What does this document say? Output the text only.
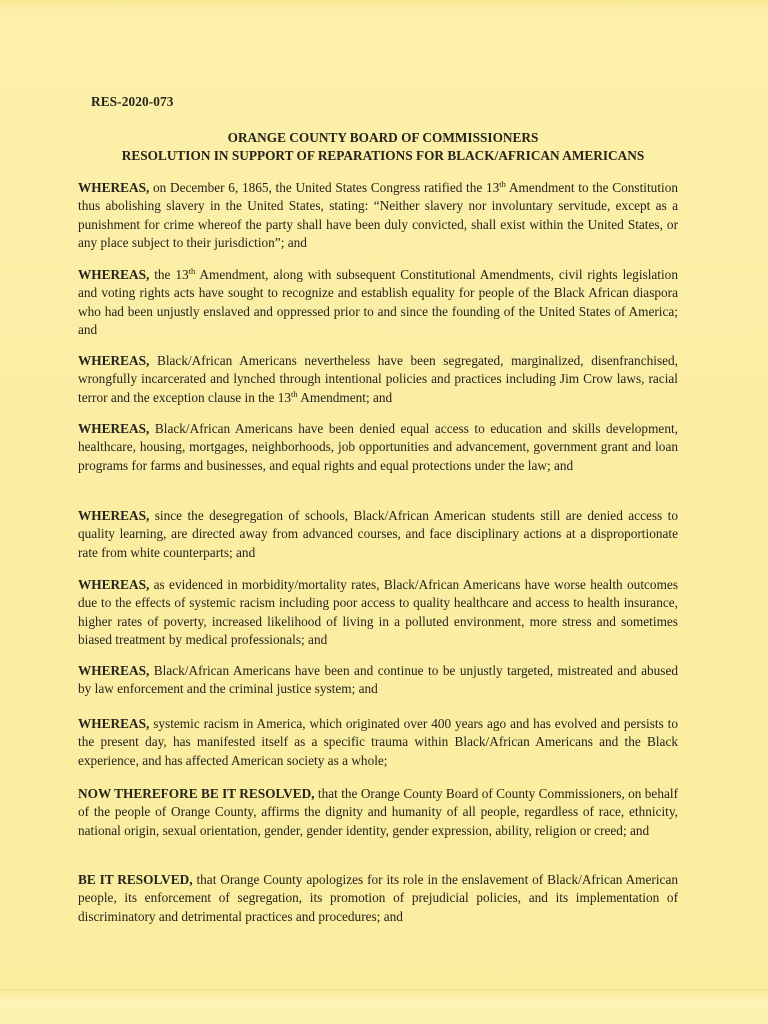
RES-2020-073
ORANGE COUNTY BOARD OF COMMISSIONERS
RESOLUTION IN SUPPORT OF REPARATIONS FOR BLACK/AFRICAN AMERICANS

WHEREAS, on December 6, 1865, the United States Congress ratified the 13th Amendment to the Constitution thus abolishing slavery in the United States, stating: “Neither slavery nor involuntary servitude, except as a punishment for crime whereof the party shall have been duly convicted, shall exist within the United States, or any place subject to their jurisdiction”; and

WHEREAS, the 13th Amendment, along with subsequent Constitutional Amendments, civil rights legislation and voting rights acts have sought to recognize and establish equality for people of the Black African diaspora who had been unjustly enslaved and oppressed prior to and since the founding of the United States of America; and

WHEREAS, Black/African Americans nevertheless have been segregated, marginalized, disenfranchised, wrongfully incarcerated and lynched through intentional policies and practices including Jim Crow laws, racial terror and the exception clause in the 13th Amendment; and

WHEREAS, Black/African Americans have been denied equal access to education and skills development, healthcare, housing, mortgages, neighborhoods, job opportunities and advancement, government grant and loan programs for farms and businesses, and equal rights and equal protections under the law; and

WHEREAS, since the desegregation of schools, Black/African American students still are denied access to quality learning, are directed away from advanced courses, and face disciplinary actions at a disproportionate rate from white counterparts; and

WHEREAS, as evidenced in morbidity/mortality rates, Black/African Americans have worse health outcomes due to the effects of systemic racism including poor access to quality healthcare and access to health insurance, higher rates of poverty, increased likelihood of living in a polluted environment, more stress and sometimes biased treatment by medical professionals; and

WHEREAS, Black/African Americans have been and continue to be unjustly targeted, mistreated and abused by law enforcement and the criminal justice system; and

WHEREAS, systemic racism in America, which originated over 400 years ago and has evolved and persists to the present day, has manifested itself as a specific trauma within Black/African Americans and the Black experience, and has affected American society as a whole;

NOW THEREFORE BE IT RESOLVED, that the Orange County Board of County Commissioners, on behalf of the people of Orange County, affirms the dignity and humanity of all people, regardless of race, ethnicity, national origin, sexual orientation, gender, gender identity, gender expression, ability, religion or creed; and

BE IT RESOLVED, that Orange County apologizes for its role in the enslavement of Black/African American people, its enforcement of segregation, its promotion of prejudicial policies, and its implementation of discriminatory and detrimental practices and procedures; and
